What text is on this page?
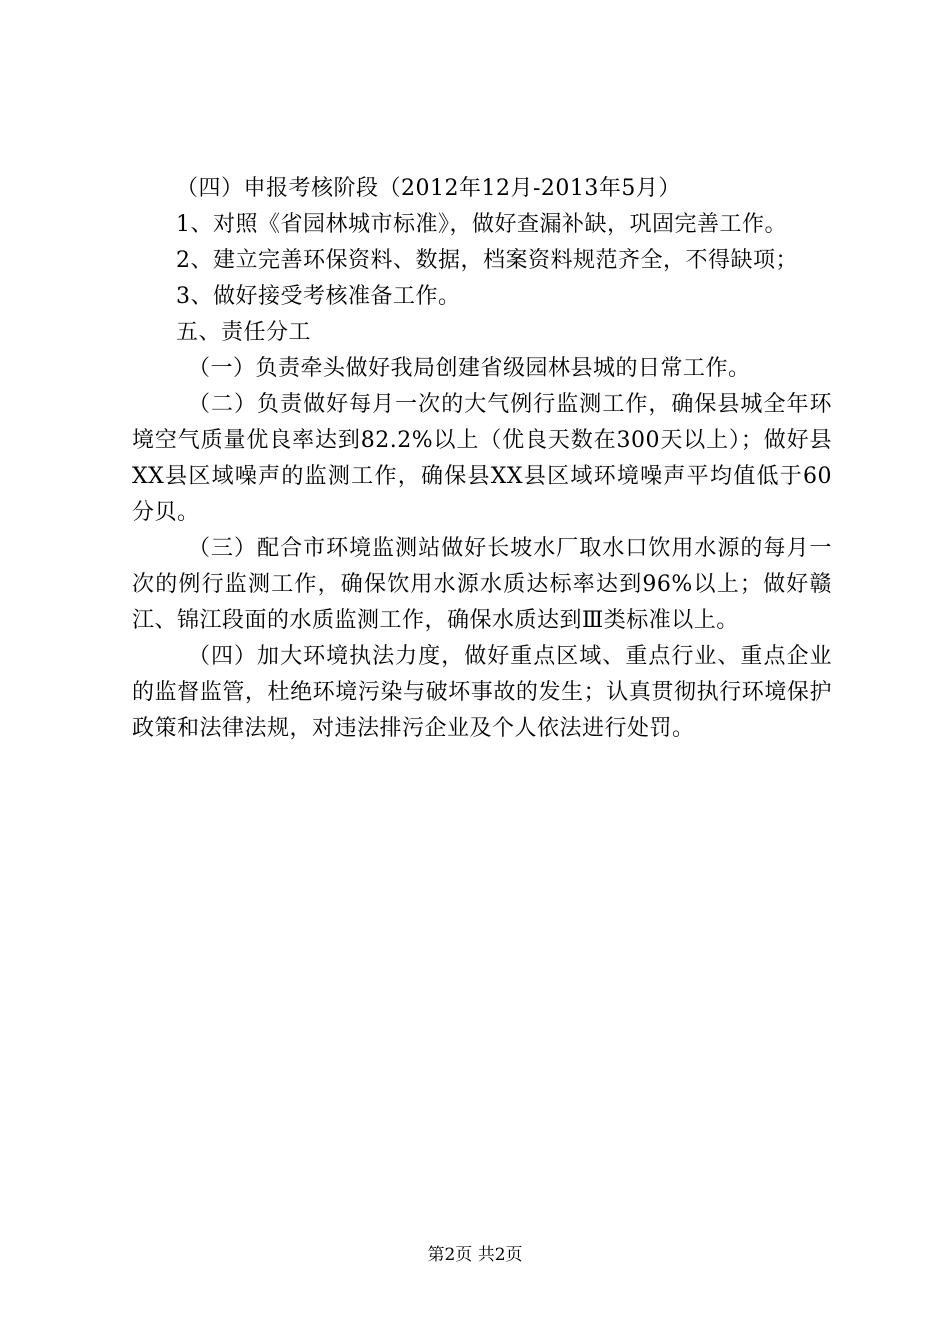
（四）申报考核阶段（2012年12月-2013年5月）

1、对照《省园林城市标准》，做好查漏补缺，巩固完善工作。

2、建立完善环保资料、数据，档案资料规范齐全，不得缺项；

3、做好接受考核准备工作。

五、责任分工

（一）负责牵头做好我局创建省级园林县城的日常工作。

（二）负责做好每月一次的大气例行监测工作，确保县城全年环境空气质量优良率达到82.2%以上（优良天数在300天以上）；做好县XX县区域噪声的监测工作，确保县XX县区域环境噪声平均值低于60分贝。

（三）配合市环境监测站做好长坡水厂取水口饮用水源的每月一次的例行监测工作，确保饮用水源水质达标率达到96%以上；做好赣江、锦江段面的水质监测工作，确保水质达到Ⅲ类标准以上。

（四）加大环境执法力度，做好重点区域、重点行业、重点企业的监督监管，杜绝环境污染与破坏事故的发生；认真贯彻执行环境保护政策和法律法规，对违法排污企业及个人依法进行处罚。

第2页 共2页
